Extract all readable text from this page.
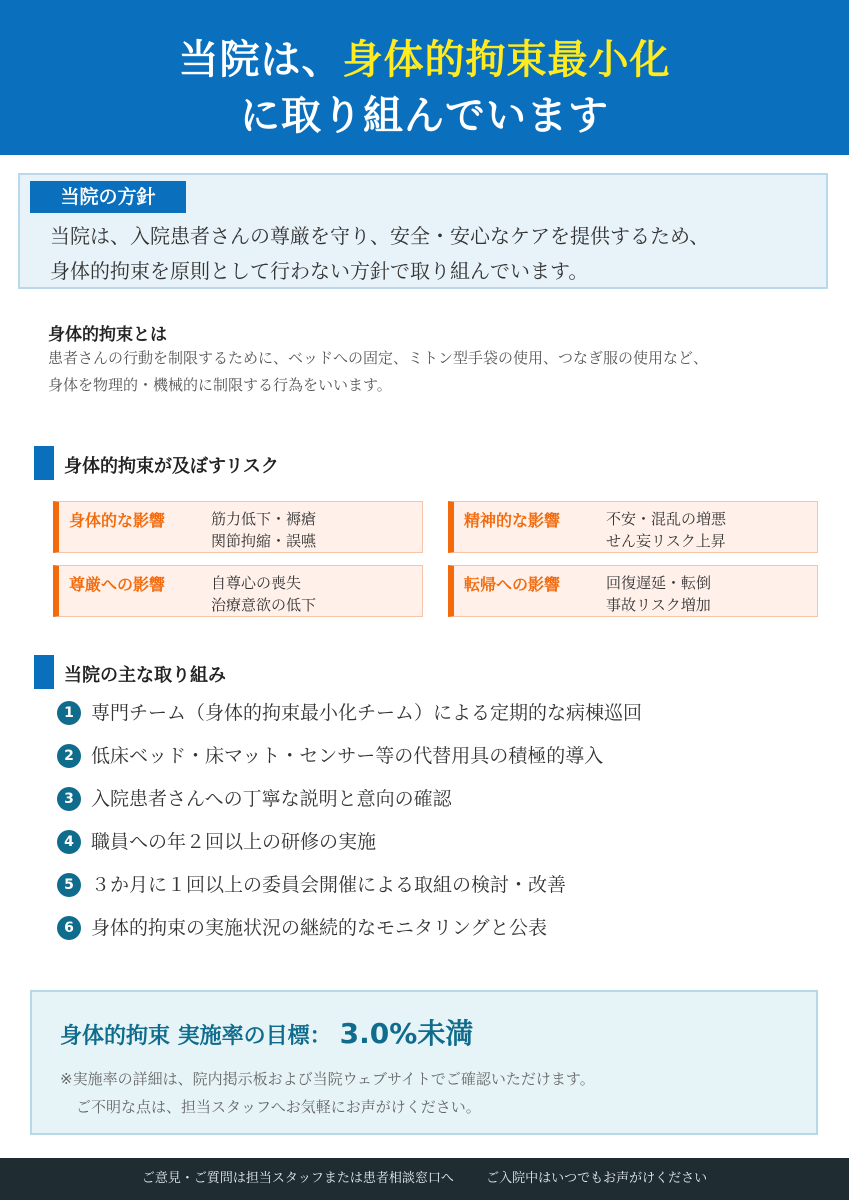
当院は、身体的拘束最小化
に取り組んでいます
当院の方針
当院は、入院患者さんの尊厳を守り、安全・安心なケアを提供するため、
身体的拘束を原則として行わない方針で取り組んでいます。
身体的拘束とは
患者さんの行動を制限するために、ベッドへの固定、ミトン型手袋の使用、つなぎ服の使用など、
身体を物理的・機械的に制限する行為をいいます。
身体的拘束が及ぼすリスク
身体的な影響	筋力低下・褥瘡
関節拘縮・誤嚥
精神的な影響	不安・混乱の増悪
せん妄リスク上昇
尊厳への影響	自尊心の喪失
治療意欲の低下
転帰への影響	回復遅延・転倒
事故リスク増加
当院の主な取り組み
1 専門チーム（身体的拘束最小化チーム）による定期的な病棟巡回
2 低床ベッド・床マット・センサー等の代替用具の積極的導入
3 入院患者さんへの丁寧な説明と意向の確認
4 職員への年２回以上の研修の実施
5 ３か月に１回以上の委員会開催による取組の検討・改善
6 身体的拘束の実施状況の継続的なモニタリングと公表
身体的拘束 実施率の目標： 3.0%未満
※実施率の詳細は、院内掲示板および当院ウェブサイトでご確認いただけます。
ご不明な点は、担当スタッフへお気軽にお声がけください。
ご意見・ご質問は担当スタッフまたは患者相談窓口へ ご入院中はいつでもお声がけください
